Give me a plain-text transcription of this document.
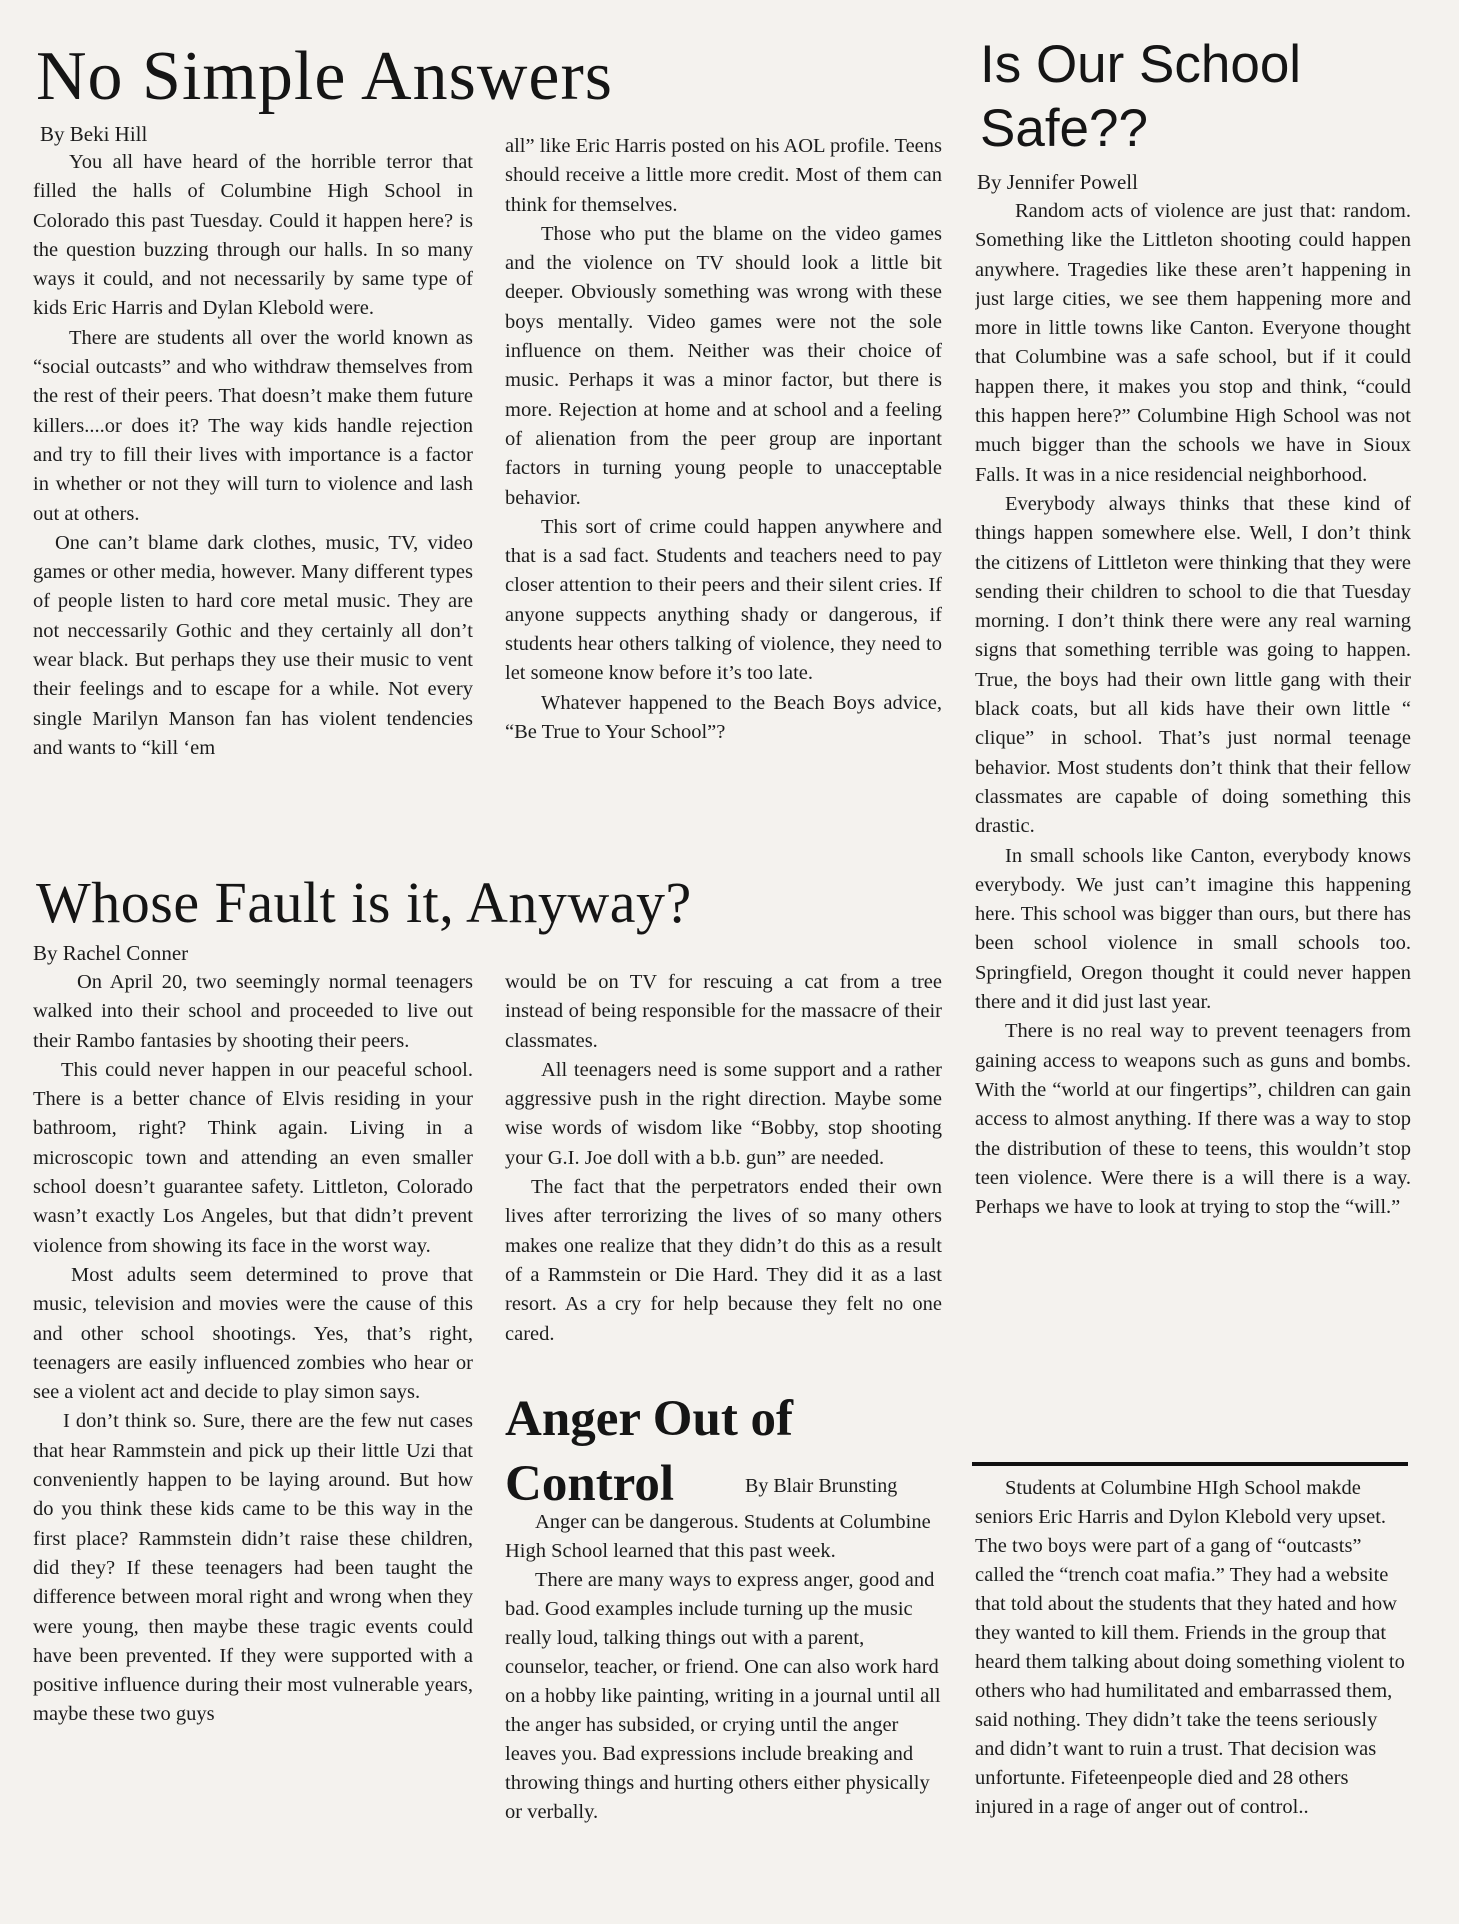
No Simple Answers
By Beki Hill

You all have heard of the horrible terror that filled the halls of Columbine High School in Colorado this past Tuesday. Could it happen here? is the question buzzing through our halls. In so many ways it could, and not necessarily by same type of kids Eric Harris and Dylan Klebold were.

There are students all over the world known as “social outcasts” and who withdraw themselves from the rest of their peers. That doesn’t make them future killers....or does it? The way kids handle rejection and try to fill their lives with importance is a factor in whether or not they will turn to violence and lash out at others.

One can’t blame dark clothes, music, TV, video games or other media, however. Many different types of people listen to hard core metal music. They are not neccessarily Gothic and they certainly all don’t wear black. But perhaps they use their music to vent their feelings and to escape for a while. Not every single Marilyn Manson fan has violent tendencies and wants to “kill ‘em

all” like Eric Harris posted on his AOL profile. Teens should receive a little more credit. Most of them can think for themselves.

Those who put the blame on the video games and the violence on TV should look a little bit deeper. Obviously something was wrong with these boys mentally. Video games were not the sole influence on them. Neither was their choice of music. Perhaps it was a minor factor, but there is more. Rejection at home and at school and a feeling of alienation from the peer group are inportant factors in turning young people to unacceptable behavior.

This sort of crime could happen anywhere and that is a sad fact. Students and teachers need to pay closer attention to their peers and their silent cries. If anyone suppects anything shady or dangerous, if students hear others talking of violence, they need to let someone know before it’s too late.

Whatever happened to the Beach Boys advice, “Be True to Your School”?

Whose Fault is it, Anyway?
By Rachel Conner

On April 20, two seemingly normal teenagers walked into their school and proceeded to live out their Rambo fantasies by shooting their peers.

This could never happen in our peaceful school. There is a better chance of Elvis residing in your bathroom, right? Think again. Living in a microscopic town and attending an even smaller school doesn’t guarantee safety. Littleton, Colorado wasn’t exactly Los Angeles, but that didn’t prevent violence from showing its face in the worst way.

Most adults seem determined to prove that music, television and movies were the cause of this and other school shootings. Yes, that’s right, teenagers are easily influenced zombies who hear or see a violent act and decide to play simon says.

I don’t think so. Sure, there are the few nut cases that hear Rammstein and pick up their little Uzi that conveniently happen to be laying around. But how do you think these kids came to be this way in the first place? Rammstein didn’t raise these children, did they? If these teenagers had been taught the difference between moral right and wrong when they were young, then maybe these tragic events could have been prevented. If they were supported with a positive influence during their most vulnerable years, maybe these two guys

would be on TV for rescuing a cat from a tree instead of being responsible for the massacre of their classmates.

All teenagers need is some support and a rather aggressive push in the right direction. Maybe some wise words of wisdom like “Bobby, stop shooting your G.I. Joe doll with a b.b. gun” are needed.

The fact that the perpetrators ended their own lives after terrorizing the lives of so many others makes one realize that they didn’t do this as a result of a Rammstein or Die Hard. They did it as a last resort. As a cry for help because they felt no one cared.

Anger Out of
Control	By Blair Brunsting

Anger can be dangerous. Students at Columbine High School learned that this past week.

There are many ways to express anger, good and bad. Good examples include turning up the music really loud, talking things out with a parent, counselor, teacher, or friend. One can also work hard on a hobby like painting, writing in a journal until all the anger has subsided, or crying until the anger leaves you. Bad expressions include breaking and throwing things and hurting others either physically or verbally.

Is Our School
Safe??
By Jennifer Powell

Random acts of violence are just that: random. Something like the Littleton shooting could happen anywhere. Tragedies like these aren’t happening in just large cities, we see them happening more and more in little towns like Canton. Everyone thought that Columbine was a safe school, but if it could happen there, it makes you stop and think, “could this happen here?” Columbine High School was not much bigger than the schools we have in Sioux Falls. It was in a nice residencial neighborhood.

Everybody always thinks that these kind of things happen somewhere else. Well, I don’t think the citizens of Littleton were thinking that they were sending their children to school to die that Tuesday morning. I don’t think there were any real warning signs that something terrible was going to happen. True, the boys had their own little gang with their black coats, but all kids have their own little “ clique” in school. That’s just normal teenage behavior. Most students don’t think that their fellow classmates are capable of doing something this drastic.

In small schools like Canton, everybody knows everybody. We just can’t imagine this happening here. This school was bigger than ours, but there has been school violence in small schools too. Springfield, Oregon thought it could never happen there and it did just last year.

There is no real way to prevent teenagers from gaining access to weapons such as guns and bombs. With the “world at our fingertips”, children can gain access to almost anything. If there was a way to stop the distribution of these to teens, this wouldn’t stop teen violence. Were there is a will there is a way. Perhaps we have to look at trying to stop the “will.”

Students at Columbine HIgh School makde seniors Eric Harris and Dylon Klebold very upset. The two boys were part of a gang of “outcasts” called the “trench coat mafia.” They had a website that told about the students that they hated and how they wanted to kill them. Friends in the group that heard them talking about doing something violent to others who had humilitated and embarrassed them, said nothing. They didn’t take the teens seriously and didn’t want to ruin a trust. That decision was unfortunte. Fifeteenpeople died and 28 others injured in a rage of anger out of control..
